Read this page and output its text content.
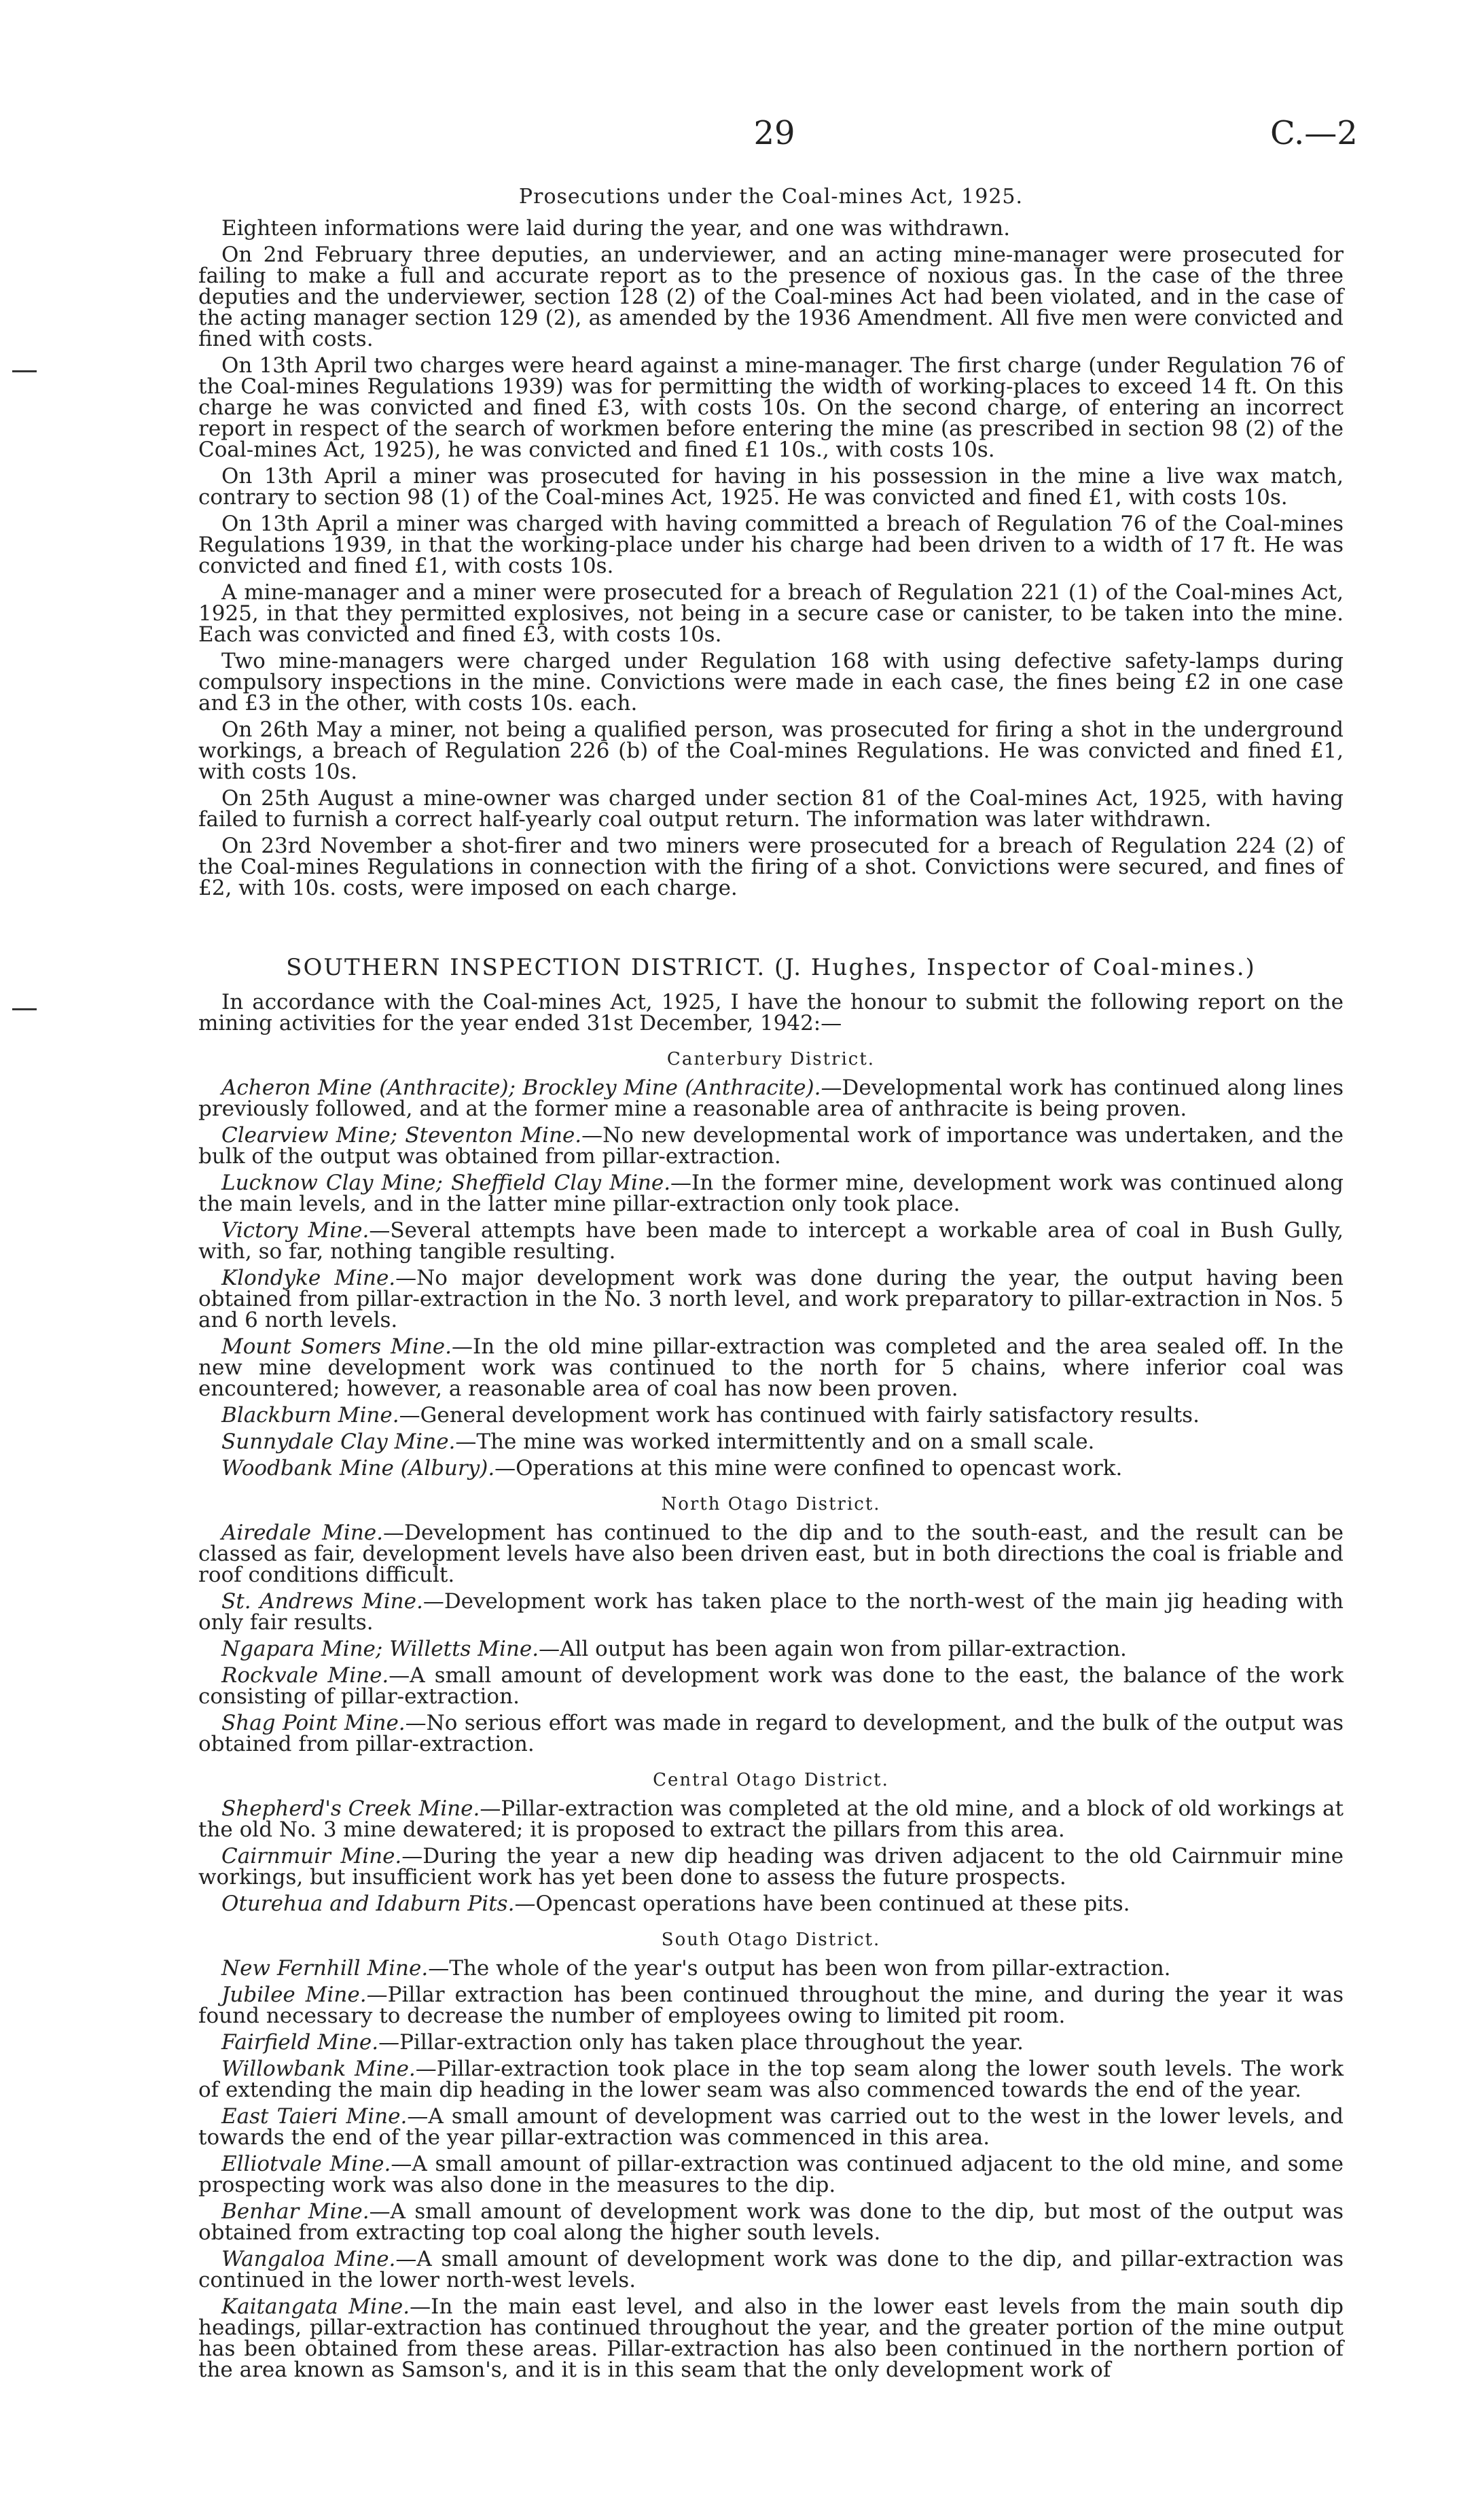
29	C.—2
Prosecutions under the Coal-mines Act, 1925.

Eighteen informations were laid during the year, and one was withdrawn.

On 2nd February three deputies, an underviewer, and an acting mine-manager were prosecuted for failing to make a full and accurate report as to the presence of noxious gas. In the case of the three deputies and the underviewer, section 128 (2) of the Coal-mines Act had been violated, and in the case of the acting manager section 129 (2), as amended by the 1936 Amendment. All five men were convicted and fined with costs.

On 13th April two charges were heard against a mine-manager. The first charge (under Regulation 76 of the Coal-mines Regulations 1939) was for permitting the width of working-places to exceed 14 ft. On this charge he was convicted and fined £3, with costs 10s. On the second charge, of entering an incorrect report in respect of the search of workmen before entering the mine (as prescribed in section 98 (2) of the Coal-mines Act, 1925), he was convicted and fined £1 10s., with costs 10s.

On 13th April a miner was prosecuted for having in his possession in the mine a live wax match, contrary to section 98 (1) of the Coal-mines Act, 1925. He was convicted and fined £1, with costs 10s.

On 13th April a miner was charged with having committed a breach of Regulation 76 of the Coal-mines Regulations 1939, in that the working-place under his charge had been driven to a width of 17 ft. He was convicted and fined £1, with costs 10s.

A mine-manager and a miner were prosecuted for a breach of Regulation 221 (1) of the Coal-mines Act, 1925, in that they permitted explosives, not being in a secure case or canister, to be taken into the mine. Each was convicted and fined £3, with costs 10s.

Two mine-managers were charged under Regulation 168 with using defective safety-lamps during compulsory inspections in the mine. Convictions were made in each case, the fines being £2 in one case and £3 in the other, with costs 10s. each.

On 26th May a miner, not being a qualified person, was prosecuted for firing a shot in the underground workings, a breach of Regulation 226 (b) of the Coal-mines Regulations. He was convicted and fined £1, with costs 10s.

On 25th August a mine-owner was charged under section 81 of the Coal-mines Act, 1925, with having failed to furnish a correct half-yearly coal output return. The information was later withdrawn.

On 23rd November a shot-firer and two miners were prosecuted for a breach of Regulation 224 (2) of the Coal-mines Regulations in connection with the firing of a shot. Convictions were secured, and fines of £2, with 10s. costs, were imposed on each charge.

SOUTHERN INSPECTION DISTRICT. (J. Hughes, Inspector of Coal-mines.)

In accordance with the Coal-mines Act, 1925, I have the honour to submit the following report on the mining activities for the year ended 31st December, 1942:—

Canterbury District.

Acheron Mine (Anthracite); Brockley Mine (Anthracite).—Developmental work has continued along lines previously followed, and at the former mine a reasonable area of anthracite is being proven.

Clearview Mine; Steventon Mine.—No new developmental work of importance was undertaken, and the bulk of the output was obtained from pillar-extraction.

Lucknow Clay Mine; Sheffield Clay Mine.—In the former mine, development work was continued along the main levels, and in the latter mine pillar-extraction only took place.

Victory Mine.—Several attempts have been made to intercept a workable area of coal in Bush Gully, with, so far, nothing tangible resulting.

Klondyke Mine.—No major development work was done during the year, the output having been obtained from pillar-extraction in the No. 3 north level, and work preparatory to pillar-extraction in Nos. 5 and 6 north levels.

Mount Somers Mine.—In the old mine pillar-extraction was completed and the area sealed off. In the new mine development work was continued to the north for 5 chains, where inferior coal was encountered; however, a reasonable area of coal has now been proven.

Blackburn Mine.—General development work has continued with fairly satisfactory results.

Sunnydale Clay Mine.—The mine was worked intermittently and on a small scale.

Woodbank Mine (Albury).—Operations at this mine were confined to opencast work.

North Otago District.

Airedale Mine.—Development has continued to the dip and to the south-east, and the result can be classed as fair, development levels have also been driven east, but in both directions the coal is friable and roof conditions difficult.

St. Andrews Mine.—Development work has taken place to the north-west of the main jig heading with only fair results.

Ngapara Mine; Willetts Mine.—All output has been again won from pillar-extraction.

Rockvale Mine.—A small amount of development work was done to the east, the balance of the work consisting of pillar-extraction.

Shag Point Mine.—No serious effort was made in regard to development, and the bulk of the output was obtained from pillar-extraction.

Central Otago District.

Shepherd's Creek Mine.—Pillar-extraction was completed at the old mine, and a block of old workings at the old No. 3 mine dewatered; it is proposed to extract the pillars from this area.

Cairnmuir Mine.—During the year a new dip heading was driven adjacent to the old Cairnmuir mine workings, but insufficient work has yet been done to assess the future prospects.

Oturehua and Idaburn Pits.—Opencast operations have been continued at these pits.

South Otago District.

New Fernhill Mine.—The whole of the year's output has been won from pillar-extraction.

Jubilee Mine.—Pillar extraction has been continued throughout the mine, and during the year it was found necessary to decrease the number of employees owing to limited pit room.

Fairfield Mine.—Pillar-extraction only has taken place throughout the year.

Willowbank Mine.—Pillar-extraction took place in the top seam along the lower south levels. The work of extending the main dip heading in the lower seam was also commenced towards the end of the year.

East Taieri Mine.—A small amount of development was carried out to the west in the lower levels, and towards the end of the year pillar-extraction was commenced in this area.

Elliotvale Mine.—A small amount of pillar-extraction was continued adjacent to the old mine, and some prospecting work was also done in the measures to the dip.

Benhar Mine.—A small amount of development work was done to the dip, but most of the output was obtained from extracting top coal along the higher south levels.

Wangaloa Mine.—A small amount of development work was done to the dip, and pillar-extraction was continued in the lower north-west levels.

Kaitangata Mine.—In the main east level, and also in the lower east levels from the main south dip headings, pillar-extraction has continued throughout the year, and the greater portion of the mine output has been obtained from these areas. Pillar-extraction has also been continued in the northern portion of the area known as Samson's, and it is in this seam that the only development work of
